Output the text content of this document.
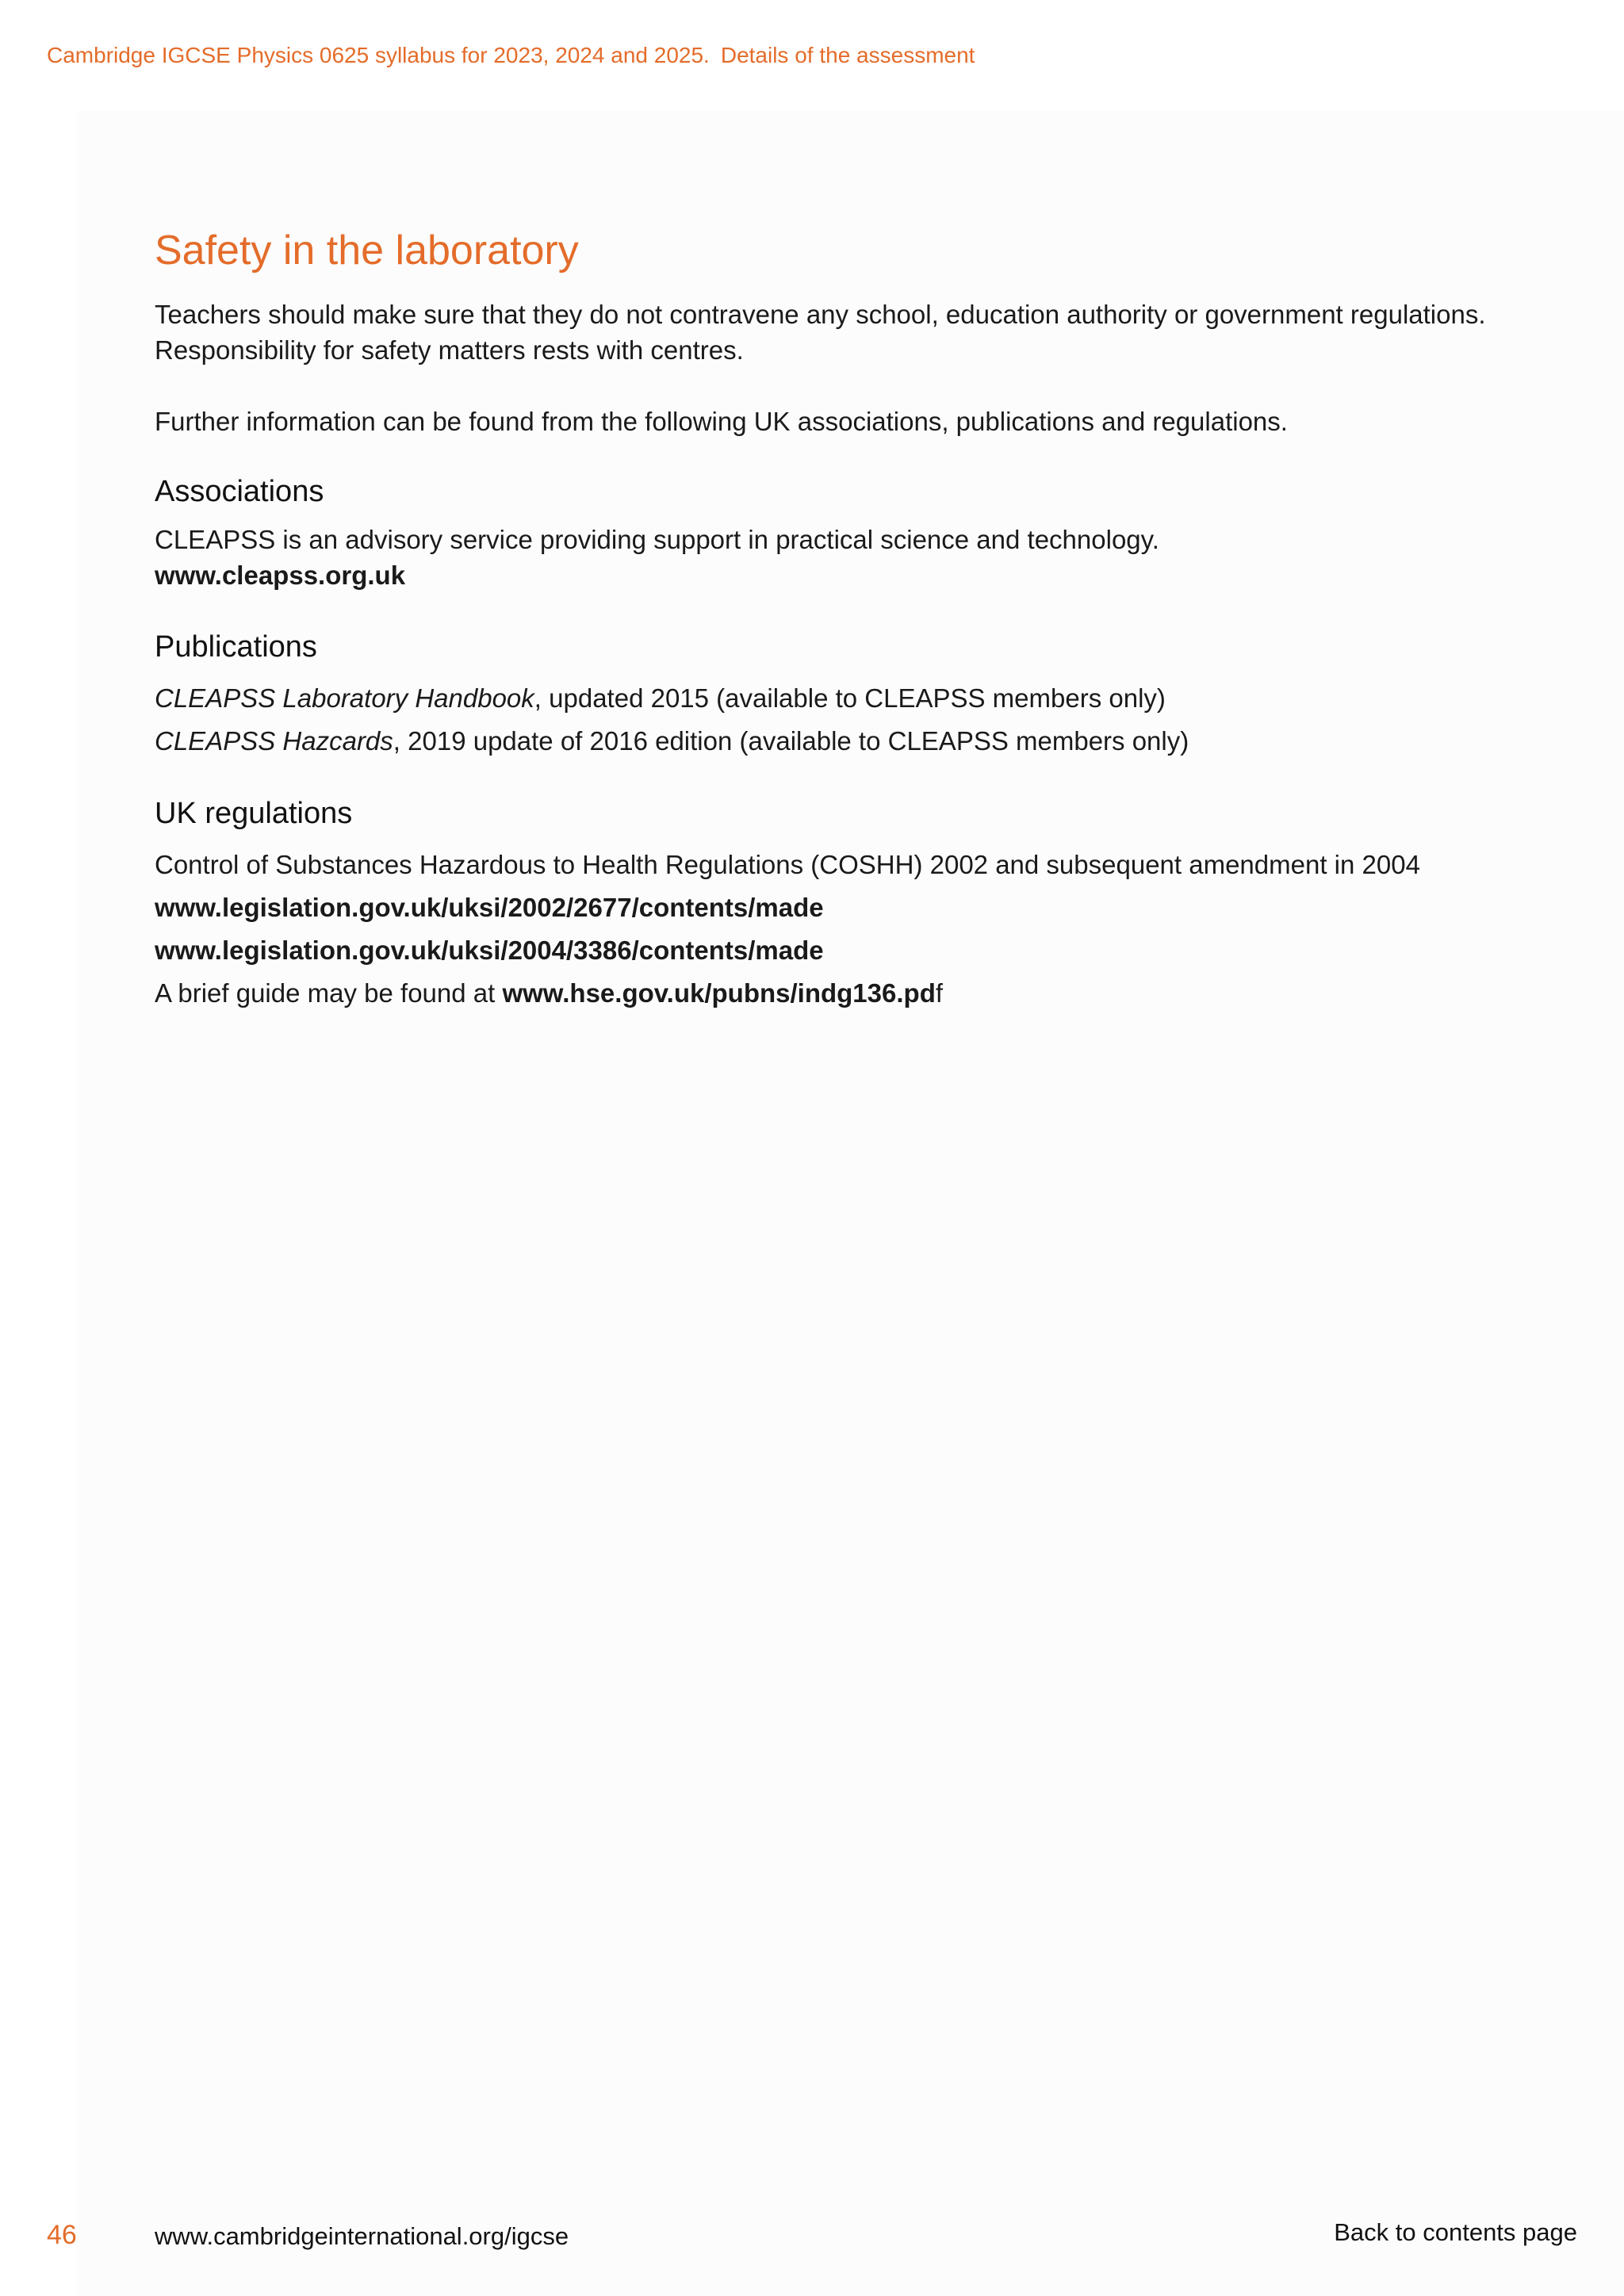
Cambridge IGCSE Physics 0625 syllabus for 2023, 2024 and 2025. Details of the assessment
Safety in the laboratory

Teachers should make sure that they do not contravene any school, education authority or government regulations.
Responsibility for safety matters rests with centres.

Further information can be found from the following UK associations, publications and regulations.

Associations

CLEAPSS is an advisory service providing support in practical science and technology.

www.cleapss.org.uk

Publications

CLEAPSS Laboratory Handbook, updated 2015 (available to CLEAPSS members only)

CLEAPSS Hazcards, 2019 update of 2016 edition (available to CLEAPSS members only)

UK regulations

Control of Substances Hazardous to Health Regulations (COSHH) 2002 and subsequent amendment in 2004

www.legislation.gov.uk/uksi/2002/2677/contents/made

www.legislation.gov.uk/uksi/2004/3386/contents/made

A brief guide may be found at www.hse.gov.uk/pubns/indg136.pdf

46	www.cambridgeinternational.org/igcse	Back to contents page
